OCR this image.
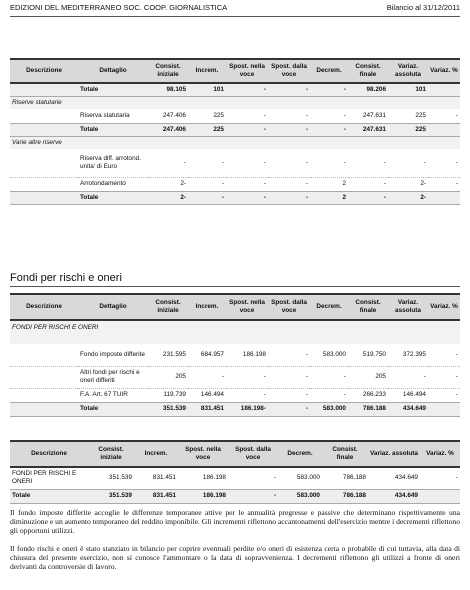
EDIZIONI DEL MEDITERRANEO SOC. COOP. GIORNALISTICA	Bilancio al 31/12/2011
Descrizione	Dettaglio	Consist. iniziale	Increm.	Spost. nella voce	Spost. dalla voce	Decrem.	Consist. finale	Variaz. assoluta	Variaz. %
	Totale	98.105	101	-	-	-	98.206	101	
Riserve statutarie									
	Riserva statutaria	247.406	225	-	-	-	247.631	225	-
	Totale	247.406	225	-	-	-	247.631	225	
Varie altre riserve									
	Riserva diff. arrotond. unita' di Euro	-	-	-	-	-	-	-	-
	Arrotondamento	2-	-	-	-	2	-	2-	-
	Totale	2-	-	-	-	2	-	2-	
Fondi per rischi e oneri
Descrizione	Dettaglio	Consist. iniziale	Increm.	Spost. nella voce	Spost. dalla voce	Decrem.	Consist. finale	Variaz. assoluta	Variaz. %
FONDI PER RISCHI E ONERI									
	Fondo imposte differite	231.595	684.957	186.198	-	583.000	519.750	372.395	-
	Altri fondi per rischi e oneri differiti	205	-	-	-	-	205	-	-
	F.A. Art. 67 TUIR	119.739	146.494	-	-	-	266.233	146.494	-
	Totale	351.539	831.451	186.198-	-	583.000	786.188	434.649	
Descrizione	Consist. iniziale	Increm.	Spost. nella voce	Spost. dalla voce	Decrem.	Consist. finale	Variaz. assoluta	Variaz. %
FONDI PER RISCHI E ONERI	351.539	831.451	186.198	-	583.000	786.188	434.649	-
Totale	351.539	831.451	186.198	-	583.000	786.188	434.649	

Il fondo imposte differite accoglie le differenze temporanee attive per le annualità pregresse e passive che determinano rispettivamente una diminuzione e un aumento temporaneo del reddito imponibile. Gli incrementi riflettono accantonamenti dell'esercizio mentre i decrementi riflettono gli opportuni utilizzi.

Il fondo rischi e oneri è stato stanziato in bilancio per coprire eventuali perdite e/o oneri di esistenza certa o probabile di cui tuttavia, alla data di chiusura del presente esercizio, non si conosce l'ammontare o la data di sopravvenienza. I decrementi riflettono gli utilizzi a fronte di oneri derivanti da controversie di lavoro.
